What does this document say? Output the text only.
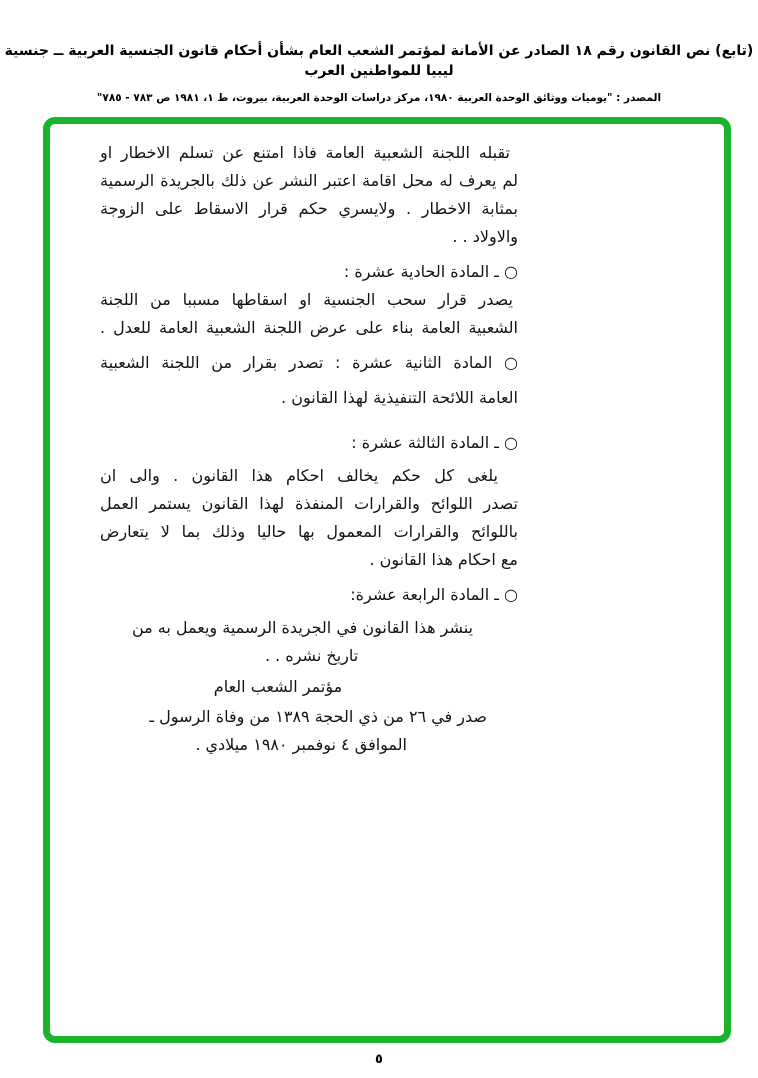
(تابع) نص القانون رقم ١٨ الصادر عن الأمانة لمؤتمر الشعب العام بشأن أحكام قانون الجنسية العربية ــ جنسية ليبيا للمواطنين العرب
المصدر : "يوميات ووثائق الوحدة العربية ١٩٨٠، مركز دراسات الوحدة العربية، بيروت، ط ١، ١٩٨١ ص ٧٨٣ - ٧٨٥"
تقبله اللجنة الشعبية العامة فاذا امتنع عن تسلم الاخطار او
لم يعرف له محل اقامة اعتبر النشر عن ذلك بالجريدة الرسمية
بمثابة الاخطار . ولايسري حكم قرار الاسقاط على الزوجة
والاولاد . .
○ ـ المادة الحادية عشرة :
يصدر قرار سحب الجنسية او اسقاطها مسببا من اللجنة
الشعبية العامة بناء على عرض اللجنة الشعبية العامة للعدل .
○ المادة الثانية عشرة : تصدر بقرار من اللجنة الشعبية
العامة اللائحة التنفيذية لهذا القانون .
○ ـ المادة الثالثة عشرة :
يلغى كل حكم يخالف احكام هذا القانون . والى ان
تصدر اللوائح والقرارات المنفذة لهذا القانون يستمر العمل
باللوائح والقرارات المعمول بها حاليا وذلك بما لا يتعارض
مع احكام هذا القانون .
○ ـ المادة الرابعة عشرة:
ينشر هذا القانون في الجريدة الرسمية ويعمل به من
تاريخ نشره . .
مؤتمر الشعب العام
صدر في ٢٦ من ذي الحجة ١٣٨٩ من وفاة الرسول ـ
الموافق ٤ نوفمبر ١٩٨٠ ميلادي .
٥
